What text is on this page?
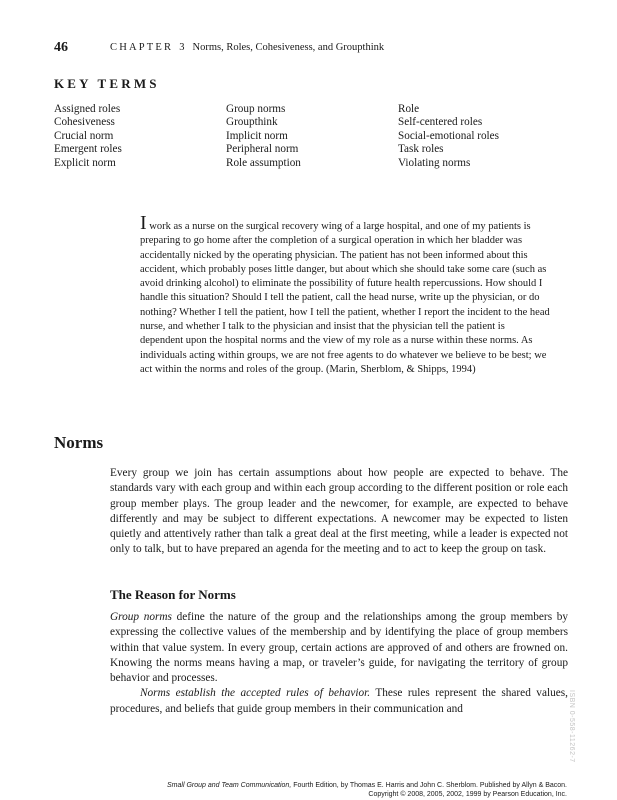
46	CHAPTER 3 Norms, Roles, Cohesiveness, and Groupthink
KEY TERMS
Assigned roles
Cohesiveness
Crucial norm
Emergent roles
Explicit norm
Group norms
Groupthink
Implicit norm
Peripheral norm
Role assumption
Role
Self-centered roles
Social-emotional roles
Task roles
Violating norms
I work as a nurse on the surgical recovery wing of a large hospital, and one of my patients is preparing to go home after the completion of a surgical operation in which her bladder was accidentally nicked by the operating physician. The patient has not been informed about this accident, which probably poses little danger, but about which she should take some care (such as avoid drinking alcohol) to eliminate the possibility of future health repercussions. How should I handle this situation? Should I tell the patient, call the head nurse, write up the physician, or do nothing? Whether I tell the patient, how I tell the patient, whether I report the incident to the head nurse, and whether I talk to the physician and insist that the physician tell the patient is dependent upon the hospital norms and the view of my role as a nurse within these norms. As individuals acting within groups, we are not free agents to do whatever we believe to be best; we act within the norms and roles of the group. (Marin, Sherblom, & Shipps, 1994)
Norms
Every group we join has certain assumptions about how people are expected to behave. The standards vary with each group and within each group according to the different position or role each group member plays. The group leader and the newcomer, for example, are expected to behave differently and may be subject to different expectations. A newcomer may be expected to listen quietly and attentively rather than talk a great deal at the first meeting, while a leader is expected not only to talk, but to have prepared an agenda for the meeting and to act to keep the group on task.
The Reason for Norms
Group norms define the nature of the group and the relationships among the group members by expressing the collective values of the membership and by identifying the place of group members within that value system. In every group, certain actions are approved of and others are frowned on. Knowing the norms means having a map, or traveler’s guide, for navigating the territory of group behavior and processes.
Norms establish the accepted rules of behavior. These rules represent the shared values, procedures, and beliefs that guide group members in their communication and	ISBN 0-558-11262-7
Small Group and Team Communication, Fourth Edition, by Thomas E. Harris and John C. Sherblom. Published by Allyn & Bacon.
Copyright © 2008, 2005, 2002, 1999 by Pearson Education, Inc.
